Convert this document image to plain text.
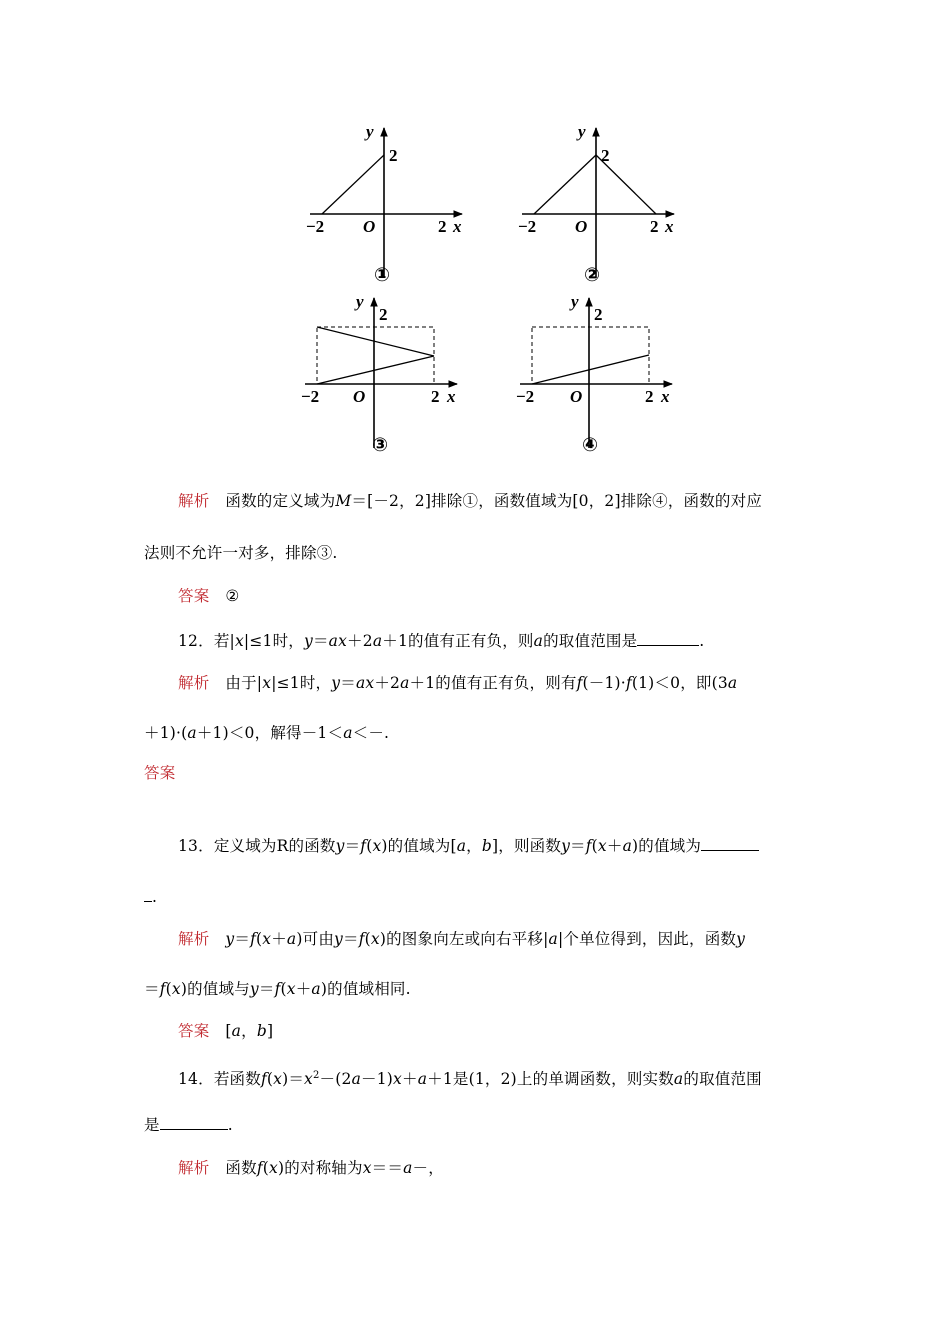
y
2
O
−2	2 x
①
y
2
O
−2	2 x
②
y
2
O
−2	2 x
③
y
2
O
−2	2 x
④
解析 函数的定义域为M＝[－2，2]排除①，函数值域为[0，2]排除④，函数的对应
法则不允许一对多，排除③.
答案 ②
12．若|x|≤1时，y＝ax＋2a＋1的值有正有负，则a的取值范围是	.
解析 由于|x|≤1时，y＝ax＋2a＋1的值有正有负，则有f(－1)·f(1)＜0，即(3a
＋1)·(a＋1)＜0，解得－1＜a＜－.
答案
13．定义域为R的函数y＝f(x)的值域为[a，b]，则函数y＝f(x＋a)的值域为
.
解析 y＝f(x＋a)可由y＝f(x)的图象向左或向右平移|a|个单位得到，因此，函数y
＝f(x)的值域与y＝f(x＋a)的值域相同.
答案 [a，b]
14．若函数$f(x)=x^2-(2a-1)x+a+1$是(1，2)上的单调函数，则实数a的取值范围
是	.
解析 函数f(x)的对称轴为x＝＝a－，
